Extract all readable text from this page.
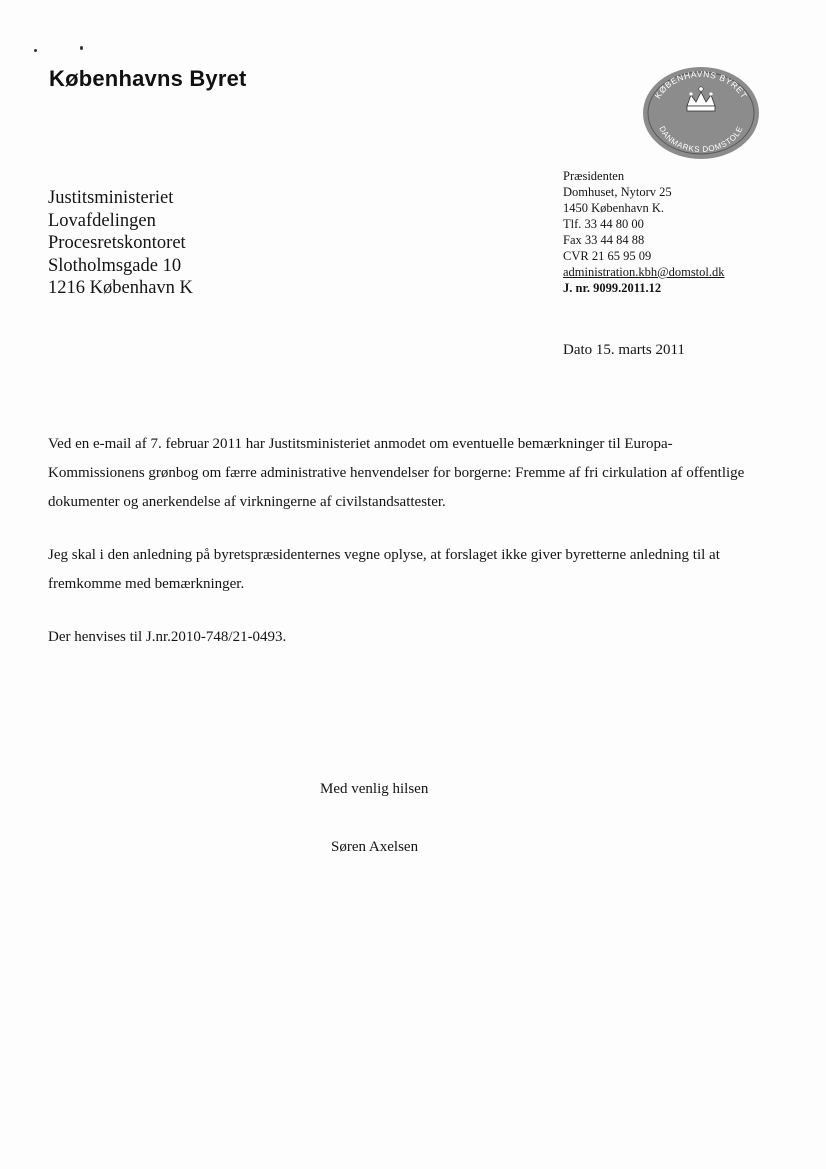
Københavns Byret
KØBENHAVNS BYRET
DANMARKS DOMSTOLE
Justitsministeriet
Lovafdelingen
Procesretskontoret
Slotholmsgade 10
1216 København K
Præsidenten
Domhuset, Nytorv 25
1450 København K.
Tlf. 33 44 80 00
Fax 33 44 84 88
CVR 21 65 95 09
administration.kbh@domstol.dk
J. nr. 9099.2011.12
Dato 15. marts 2011

Ved en e-mail af 7. februar 2011 har Justitsministeriet anmodet om eventuelle bemærkninger til Europa-Kommissionens grønbog om færre administrative henvendelser for borgerne: Fremme af fri cirkulation af offentlige dokumenter og anerkendelse af virkningerne af civilstandsattester.

Jeg skal i den anledning på byretspræsidenternes vegne oplyse, at forslaget ikke giver byretterne anledning til at fremkomme med bemærkninger.

Der henvises til J.nr.2010-748/21-0493.

Med venlig hilsen
Søren Axelsen
